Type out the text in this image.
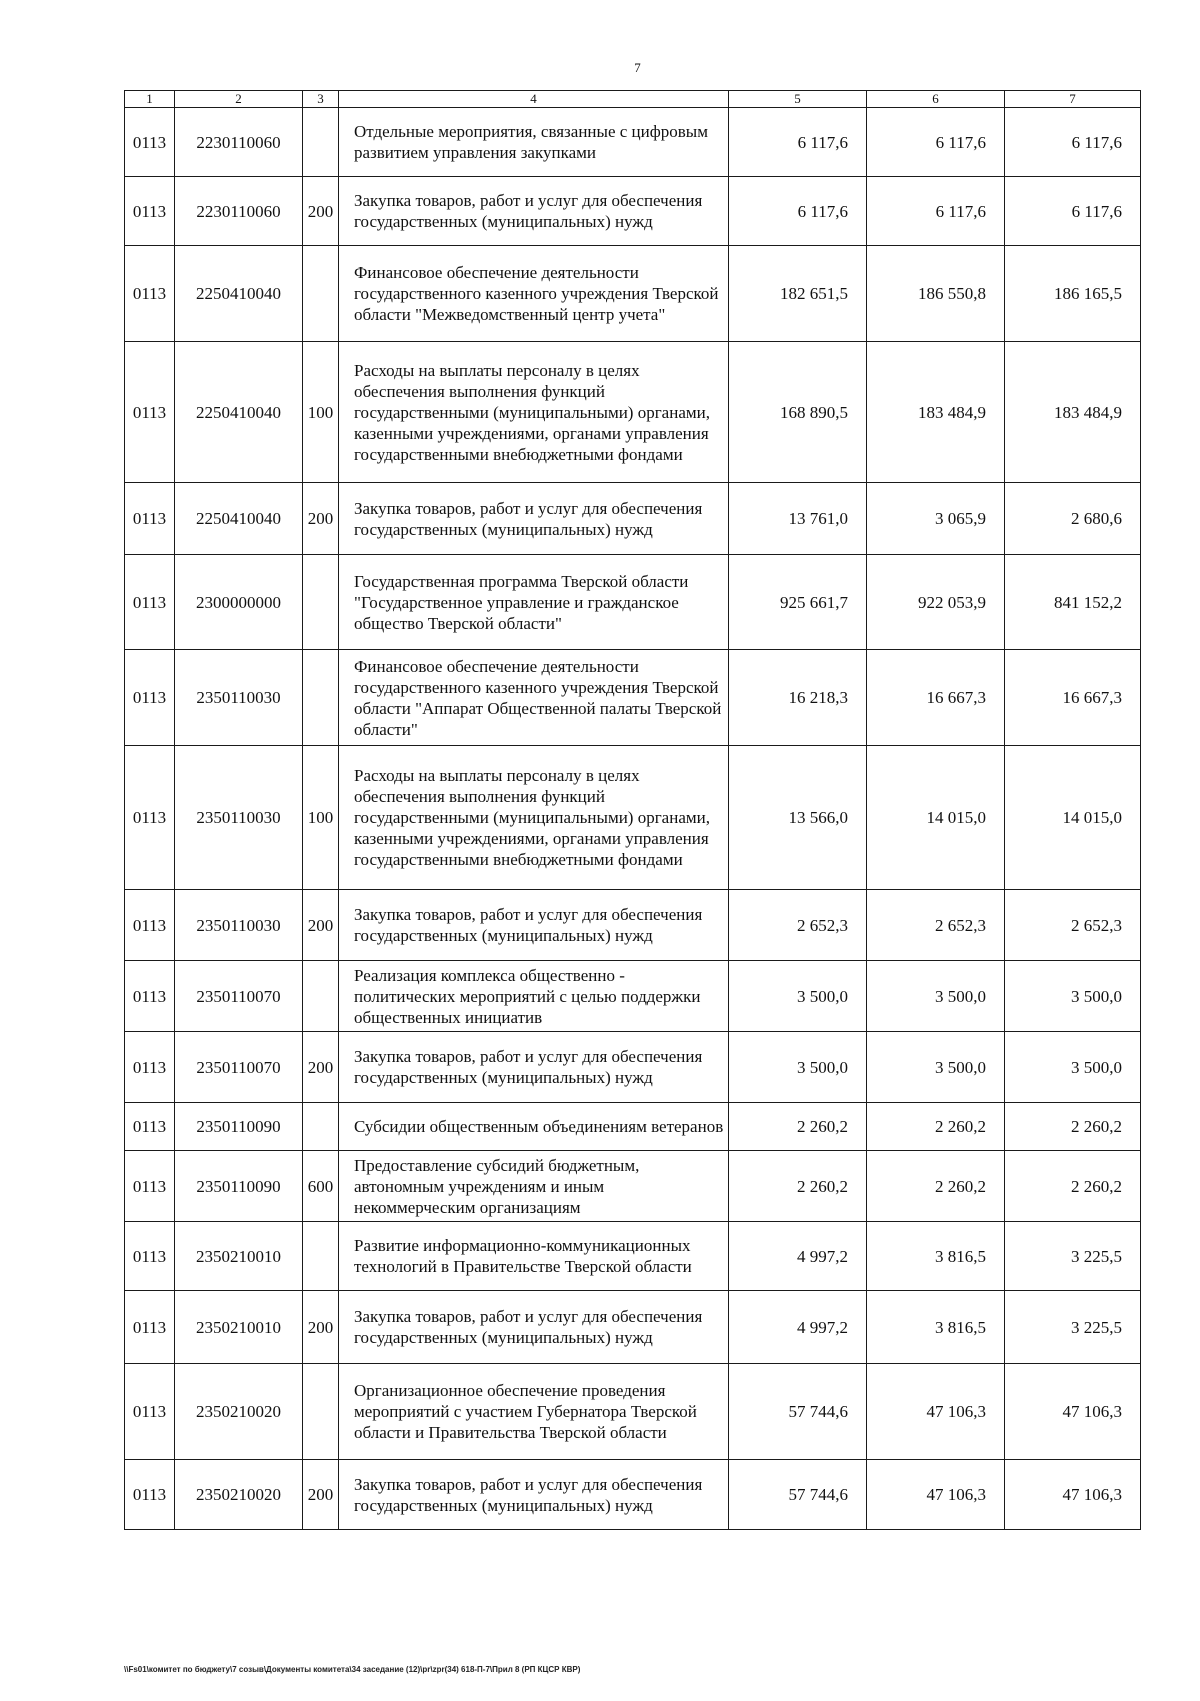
7
1	2	3	4	5	6	7
0113	2230110060		Отдельные мероприятия, связанные с цифровым развитием управления закупками	6 117,6	6 117,6	6 117,6
0113	2230110060	200	Закупка товаров, работ и услуг для обеспечения государственных (муниципальных) нужд	6 117,6	6 117,6	6 117,6
0113	2250410040		Финансовое обеспечение деятельности государственного казенного учреждения Тверской области "Межведомственный центр учета"	182 651,5	186 550,8	186 165,5
0113	2250410040	100	Расходы на выплаты персоналу в целях обеспечения выполнения функций государственными (муниципальными) органами, казенными учреждениями, органами управления государственными внебюджетными фондами	168 890,5	183 484,9	183 484,9
0113	2250410040	200	Закупка товаров, работ и услуг для обеспечения государственных (муниципальных) нужд	13 761,0	3 065,9	2 680,6
0113	2300000000		Государственная программа Тверской области "Государственное управление и гражданское общество Тверской области"	925 661,7	922 053,9	841 152,2
0113	2350110030		Финансовое обеспечение деятельности государственного казенного учреждения Тверской области "Аппарат Общественной палаты Тверской области"	16 218,3	16 667,3	16 667,3
0113	2350110030	100	Расходы на выплаты персоналу в целях обеспечения выполнения функций государственными (муниципальными) органами, казенными учреждениями, органами управления государственными внебюджетными фондами	13 566,0	14 015,0	14 015,0
0113	2350110030	200	Закупка товаров, работ и услуг для обеспечения государственных (муниципальных) нужд	2 652,3	2 652,3	2 652,3
0113	2350110070		Реализация комплекса общественно - политических мероприятий с целью поддержки общественных инициатив	3 500,0	3 500,0	3 500,0
0113	2350110070	200	Закупка товаров, работ и услуг для обеспечения государственных (муниципальных) нужд	3 500,0	3 500,0	3 500,0
0113	2350110090		Субсидии общественным объединениям ветеранов	2 260,2	2 260,2	2 260,2
0113	2350110090	600	Предоставление субсидий бюджетным, автономным учреждениям и иным некоммерческим организациям	2 260,2	2 260,2	2 260,2
0113	2350210010		Развитие информационно-коммуникационных технологий в Правительстве Тверской области	4 997,2	3 816,5	3 225,5
0113	2350210010	200	Закупка товаров, работ и услуг для обеспечения государственных (муниципальных) нужд	4 997,2	3 816,5	3 225,5
0113	2350210020		Организационное обеспечение проведения мероприятий с участием Губернатора Тверской области и Правительства Тверской области	57 744,6	47 106,3	47 106,3
0113	2350210020	200	Закупка товаров, работ и услуг для обеспечения государственных (муниципальных) нужд	57 744,6	47 106,3	47 106,3
\\Fs01\комитет по бюджету\7 созыв\Документы комитета\34 заседание (12)\pr\zpr(34) 618-П-7\Прил 8 (РП КЦСР КВР)
